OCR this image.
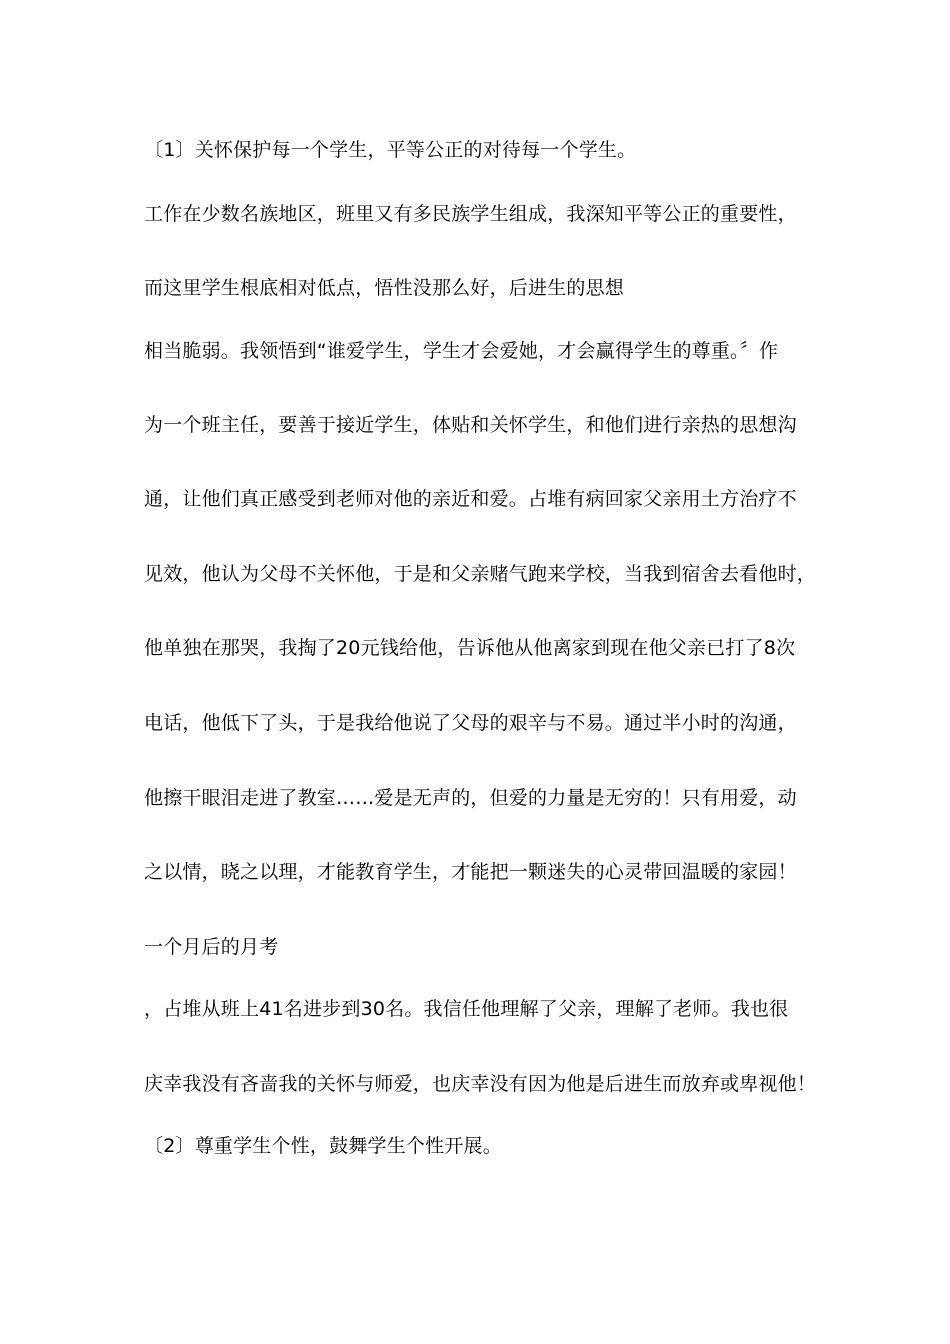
〔1〕关怀保护每一个学生，平等公正的对待每一个学生。
工作在少数名族地区，班里又有多民族学生组成，我深知平等公正的重要性，
而这里学生根底相对低点，悟性没那么好，后进生的思想
相当脆弱。我领悟到“谁爱学生，学生才会爱她，才会赢得学生的尊重。〞作
为一个班主任，要善于接近学生，体贴和关怀学生，和他们进行亲热的思想沟
通，让他们真正感受到老师对他的亲近和爱。占堆有病回家父亲用土方治疗不
见效，他认为父母不关怀他，于是和父亲赌气跑来学校，当我到宿舍去看他时，
他单独在那哭，我掏了20元钱给他，告诉他从他离家到现在他父亲已打了8次
电话，他低下了头，于是我给他说了父母的艰辛与不易。通过半小时的沟通，
他擦干眼泪走进了教室……爱是无声的，但爱的力量是无穷的！只有用爱，动
之以情，晓之以理，才能教育学生，才能把一颗迷失的心灵带回温暖的家园！
一个月后的月考
，占堆从班上41名进步到30名。我信任他理解了父亲，理解了老师。我也很
庆幸我没有吝啬我的关怀与师爱，也庆幸没有因为他是后进生而放弃或卑视他！
〔2〕尊重学生个性，鼓舞学生个性开展。
